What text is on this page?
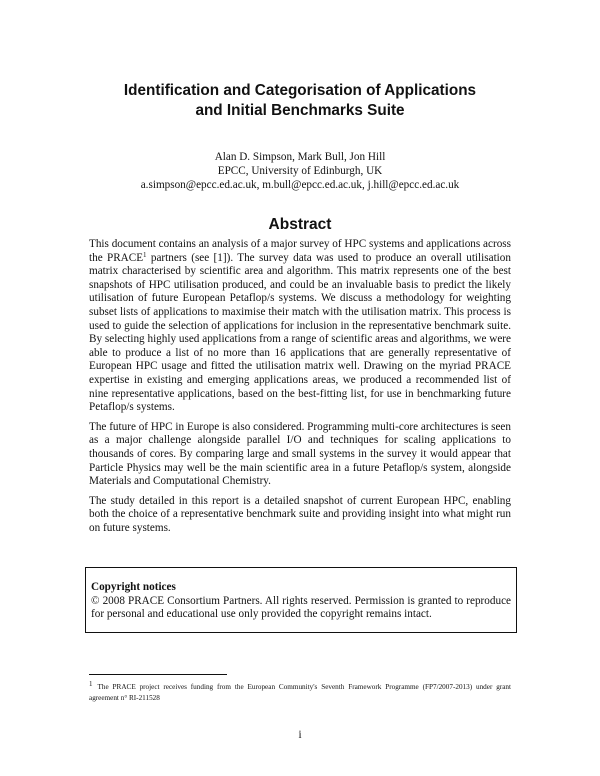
Identification and Categorisation of Applications
and Initial Benchmarks Suite
Alan D. Simpson, Mark Bull, Jon Hill
EPCC, University of Edinburgh, UK
a.simpson@epcc.ed.ac.uk, m.bull@epcc.ed.ac.uk, j.hill@epcc.ed.ac.uk
Abstract

This document contains an analysis of a major survey of HPC systems and applications across the PRACE$^1$ partners (see [1]). The survey data was used to produce an overall utilisation matrix characterised by scientific area and algorithm. This matrix represents one of the best snapshots of HPC utilisation produced, and could be an invaluable basis to predict the likely utilisation of future European Petaflop/s systems. We discuss a methodology for weighting subset lists of applications to maximise their match with the utilisation matrix. This process is used to guide the selection of applications for inclusion in the representative benchmark suite. By selecting highly used applications from a range of scientific areas and algorithms, we were able to produce a list of no more than 16 applications that are generally representative of European HPC usage and fitted the utilisation matrix well. Drawing on the myriad PRACE expertise in existing and emerging applications areas, we produced a recommended list of nine representative applications, based on the best-fitting list, for use in benchmarking future Petaflop/s systems.

The future of HPC in Europe is also considered. Programming multi-core architectures is seen as a major challenge alongside parallel I/O and techniques for scaling applications to thousands of cores. By comparing large and small systems in the survey it would appear that Particle Physics may well be the main scientific area in a future Petaflop/s system, alongside Materials and Computational Chemistry.

The study detailed in this report is a detailed snapshot of current European HPC, enabling both the choice of a representative benchmark suite and providing insight into what might run on future systems.

Copyright notices
© 2008 PRACE Consortium Partners. All rights reserved. Permission is granted to reproduce for personal and educational use only provided the copyright remains intact.
1 The PRACE project receives funding from the European Community's Seventh Framework Programme (FP7/2007-2013) under grant agreement n° RI-211528
i
